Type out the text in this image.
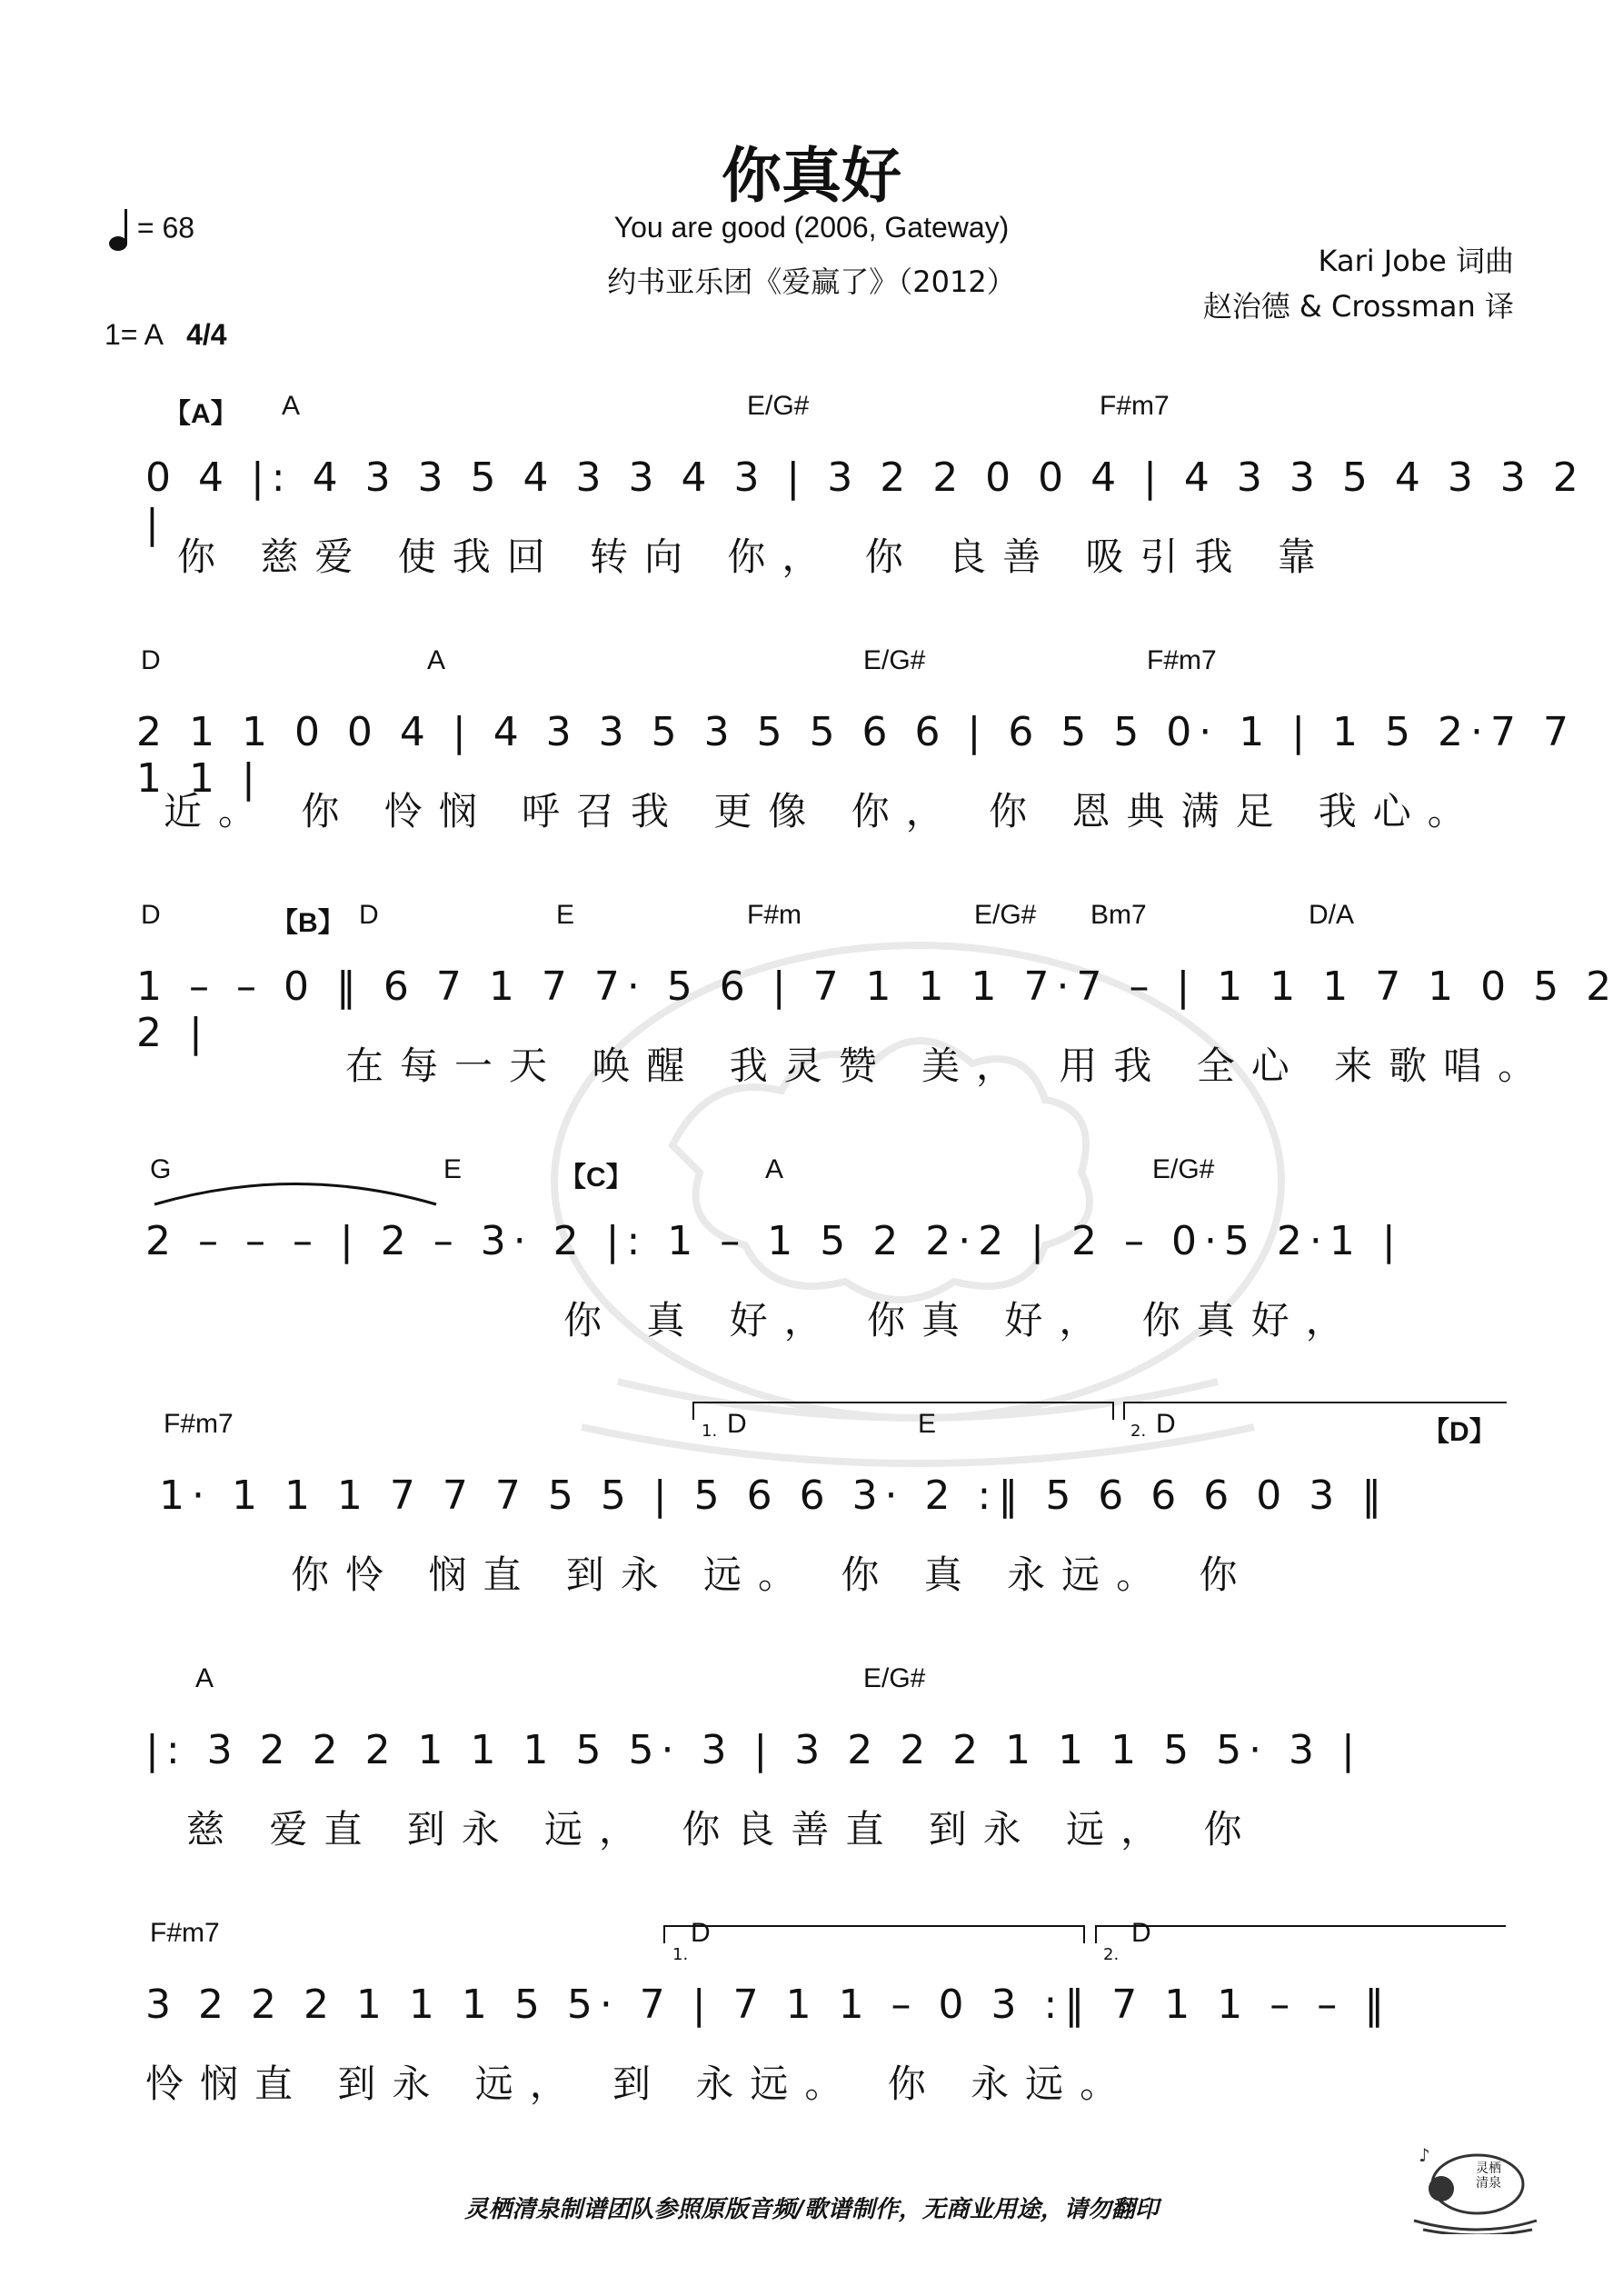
你真好
You are good (2006, Gateway)
约书亚乐团《爱赢了》（2012）
= 68
1= A 4/4
Kari Jobe 词曲
赵治德 & Crossman 译
【A】 A	E/G#	F#m7
0 4 |: 4 3 3 5 4 3 3 4 3 | 3 2 2 0 0 4 | 4 3 3 5 4 3 3 2 |
你 慈爱 使我回 转向 你， 你 良善 吸引我 靠
D	A	E/G#	F#m7
2 1 1 0 0 4 | 4 3 3 5 3 5 5 6 6 | 6 5 5 0· 1 | 1 5 2·7 7 1 1 |
近。 你 怜悯 呼召我 更像 你， 你 恩典满足 我心。
D	【B】 D	E	F#m	E/G# Bm7	D/A
1 – – 0 ‖ 6 7 1 7 7· 5 6 | 7 1 1 1 7·7 – | 1 1 1 7 1 0 5 2 2 |
在每一天 唤醒 我灵赞 美， 用我 全心 来歌唱。
G	E	【C】	A	E/G#
2 – – – | 2 – 3· 2 |: 1 – 1 5 2 2·2 | 2 – 0·5 2·1 |
你 真 好， 你真 好， 你真好，
F#m7	1. D	E	2. D	【D】
1· 1 1 1 7 7 7 5 5 | 5 6 6 3· 2 :‖ 5 6 6 6 0 3 ‖
你怜 悯直 到永 远。 你 真 永远。 你
A	E/G#
|: 3 2 2 2 1 1 1 5 5· 3 | 3 2 2 2 1 1 1 5 5· 3 |
慈 爱直 到永 远， 你良善直 到永 远， 你
F#m7
1.
D
2.
D
3 2 2 2 1 1 1 5 5· 7 | 7 1 1 – 0 3 :‖ 7 1 1 – – ‖
怜悯直 到永 远， 到 永远。 你 永远。
灵栖清泉制谱团队参照原版音频/歌谱制作，无商业用途，请勿翻印
♪
灵栖清泉
